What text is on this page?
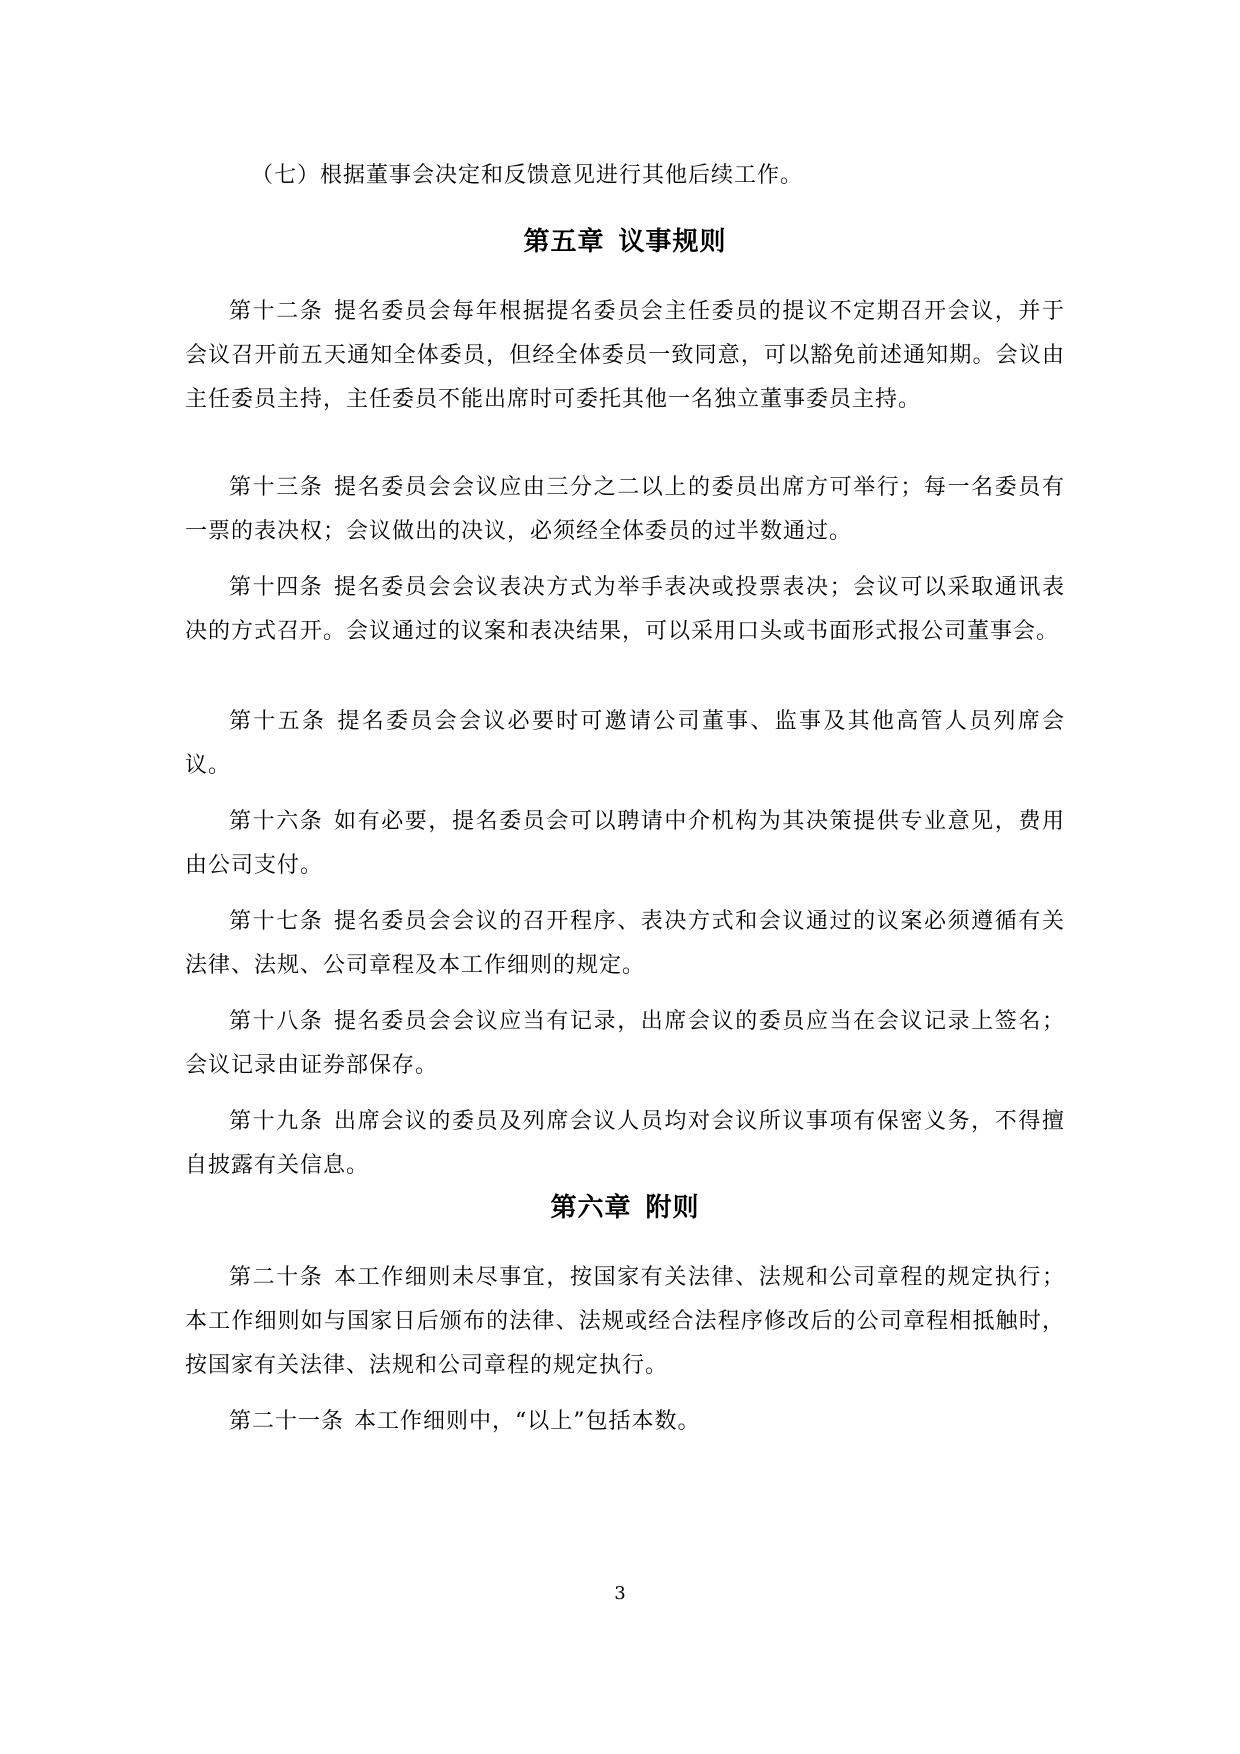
（七）根据董事会决定和反馈意见进行其他后续工作。

第五章 议事规则

第十二条 提名委员会每年根据提名委员会主任委员的提议不定期召开会议，并于会议召开前五天通知全体委员，但经全体委员一致同意，可以豁免前述通知期。会议由主任委员主持，主任委员不能出席时可委托其他一名独立董事委员主持。

第十三条 提名委员会会议应由三分之二以上的委员出席方可举行；每一名委员有一票的表决权；会议做出的决议，必须经全体委员的过半数通过。

第十四条 提名委员会会议表决方式为举手表决或投票表决；会议可以采取通讯表决的方式召开。会议通过的议案和表决结果，可以采用口头或书面形式报公司董事会。

第十五条 提名委员会会议必要时可邀请公司董事、监事及其他高管人员列席会议。

第十六条 如有必要，提名委员会可以聘请中介机构为其决策提供专业意见，费用由公司支付。

第十七条 提名委员会会议的召开程序、表决方式和会议通过的议案必须遵循有关法律、法规、公司章程及本工作细则的规定。

第十八条 提名委员会会议应当有记录，出席会议的委员应当在会议记录上签名；会议记录由证券部保存。

第十九条 出席会议的委员及列席会议人员均对会议所议事项有保密义务，不得擅自披露有关信息。

第六章 附则

第二十条 本工作细则未尽事宜，按国家有关法律、法规和公司章程的规定执行；本工作细则如与国家日后颁布的法律、法规或经合法程序修改后的公司章程相抵触时，按国家有关法律、法规和公司章程的规定执行。

第二十一条 本工作细则中，“以上”包括本数。

3
